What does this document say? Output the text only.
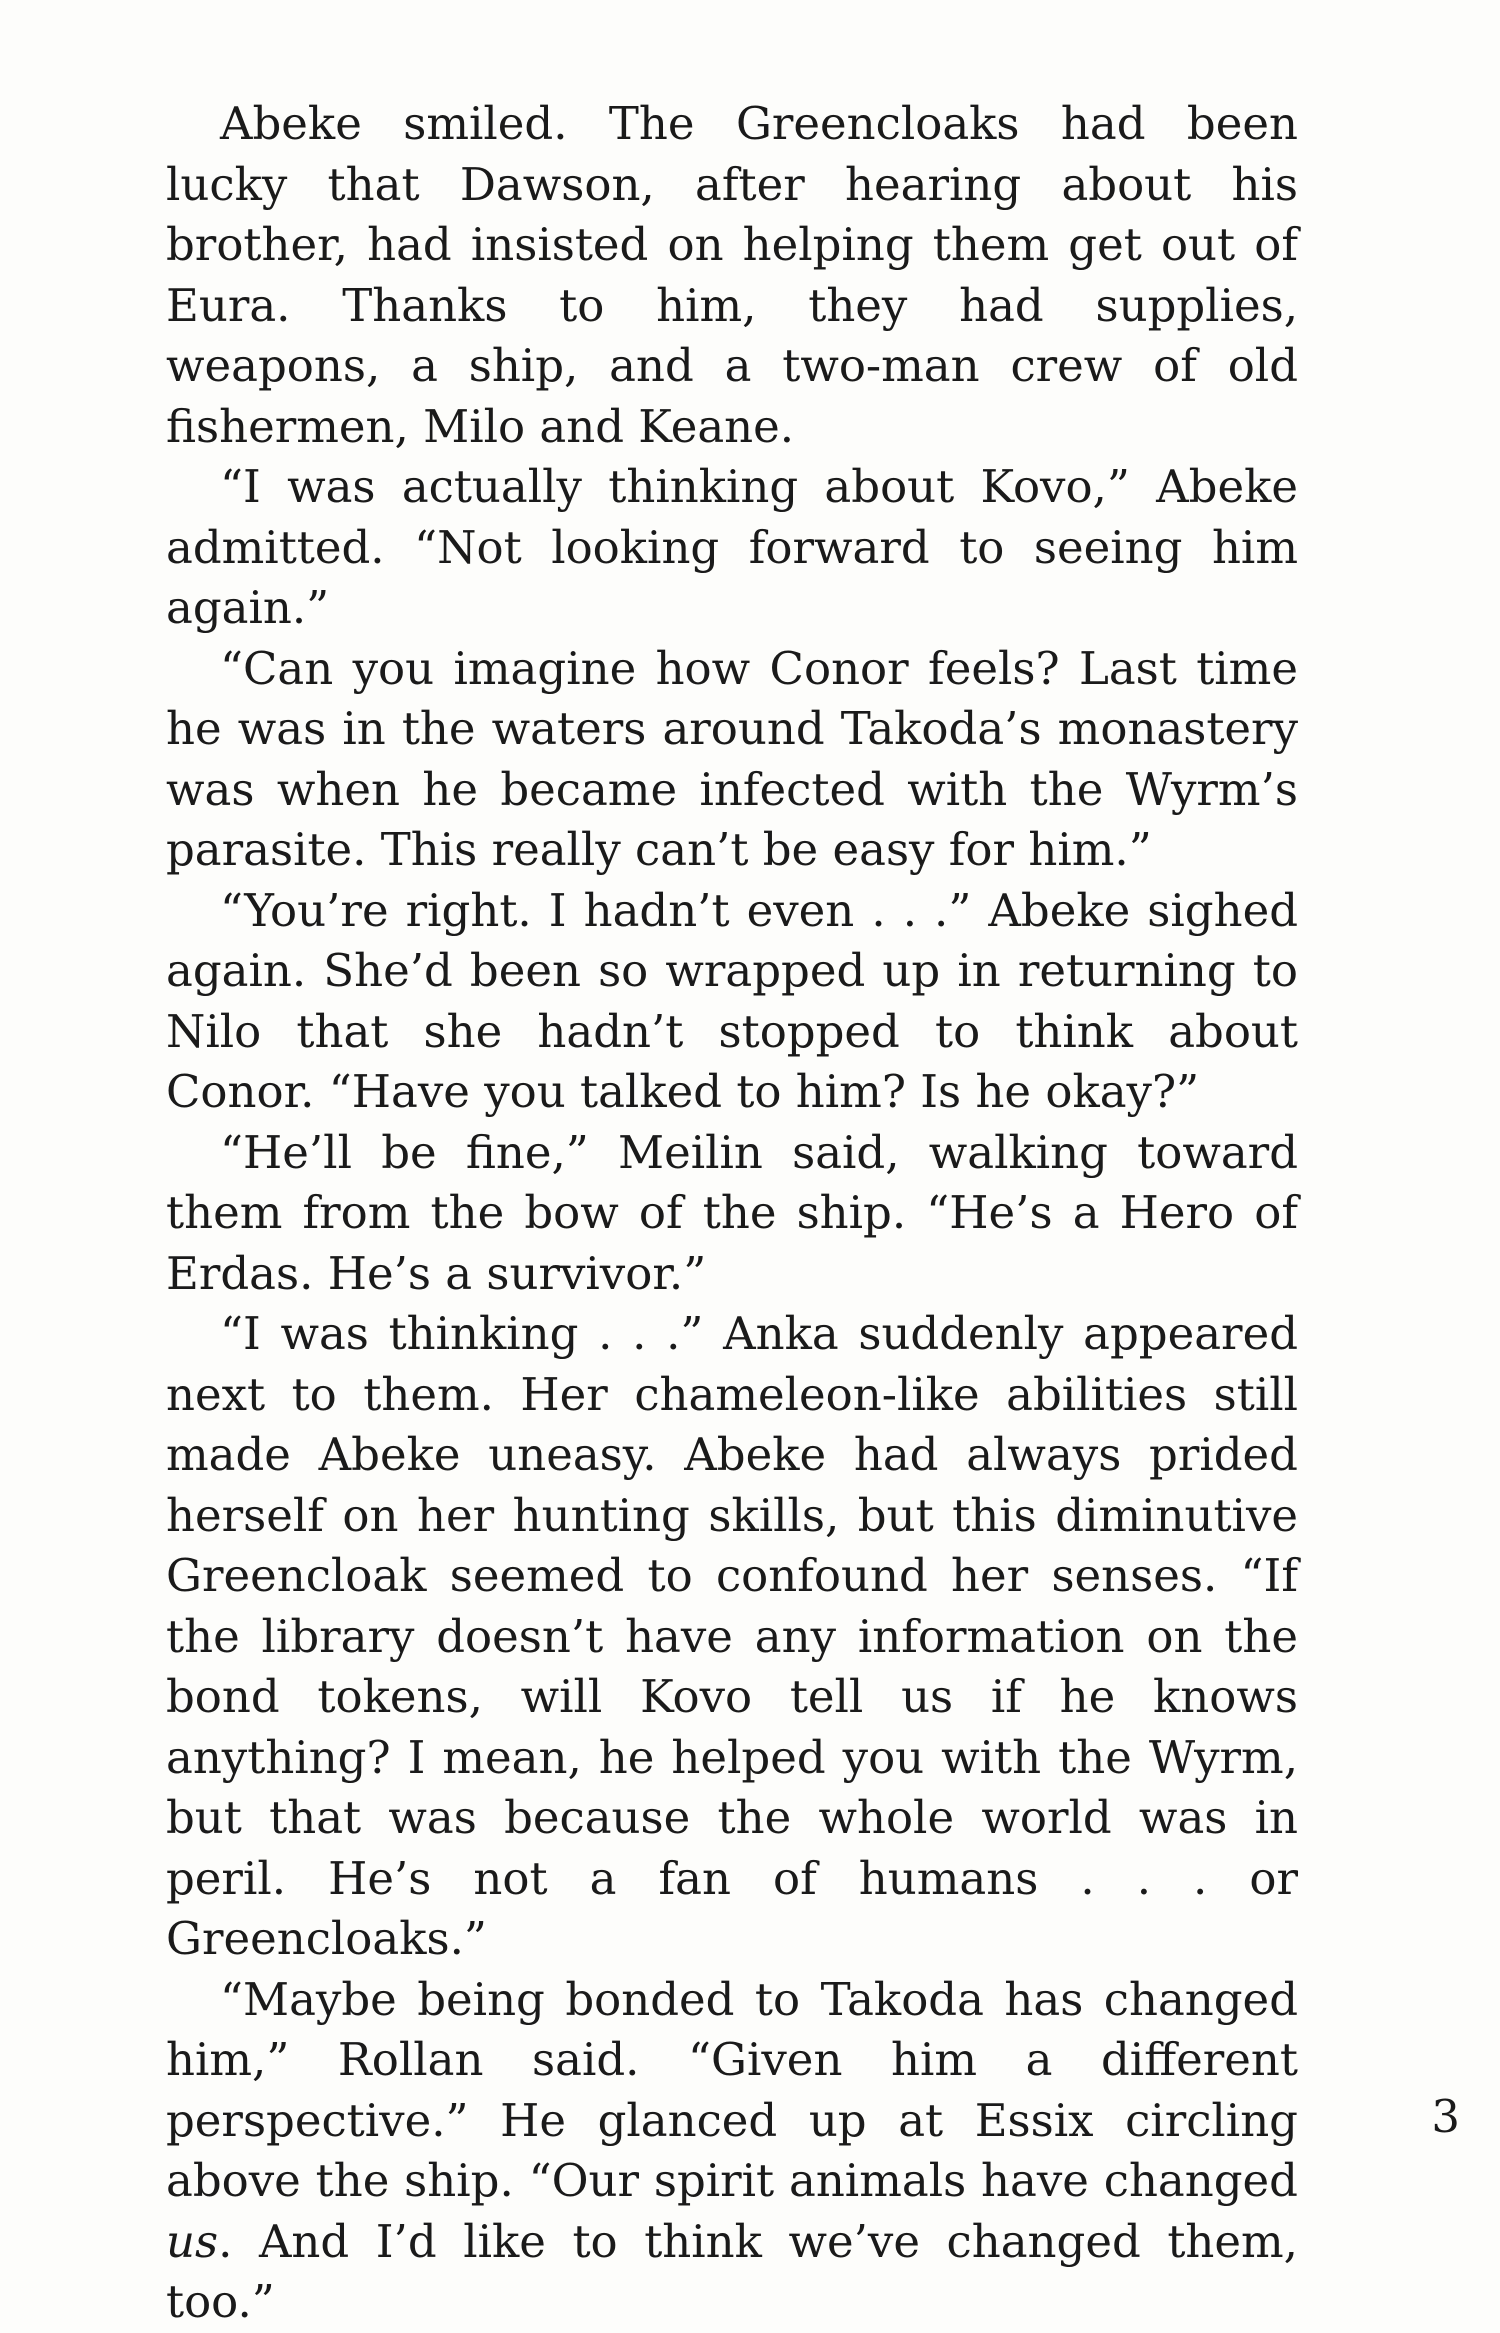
Abeke smiled. The Greencloaks had been lucky that Dawson, after hearing about his brother, had insisted on helping them get out of Eura. Thanks to him, they had supplies, weapons, a ship, and a two-man crew of old fishermen, Milo and Keane.

“I was actually thinking about Kovo,” Abeke admitted. “Not looking forward to seeing him again.”

“Can you imagine how Conor feels? Last time he was in the waters around Takoda’s monastery was when he became infected with the Wyrm’s parasite. This really can’t be easy for him.”

“You’re right. I hadn’t even . . .” Abeke sighed again. She’d been so wrapped up in returning to Nilo that she hadn’t stopped to think about Conor. “Have you talked to him? Is he okay?”

“He’ll be fine,” Meilin said, walking toward them from the bow of the ship. “He’s a Hero of Erdas. He’s a survivor.”

“I was thinking . . .” Anka suddenly appeared next to them. Her chameleon-like abilities still made Abeke uneasy. Abeke had always prided herself on her hunting skills, but this diminutive Greencloak seemed to confound her senses. “If the library doesn’t have any information on the bond tokens, will Kovo tell us if he knows anything? I mean, he helped you with the Wyrm, but that was because the whole world was in peril. He’s not a fan of humans . . . or Greencloaks.”

“Maybe being bonded to Takoda has changed him,” Rollan said. “Given him a different perspective.” He glanced up at Essix circling above the ship. “Our spirit animals have changed us. And I’d like to think we’ve changed them, too.”

3
